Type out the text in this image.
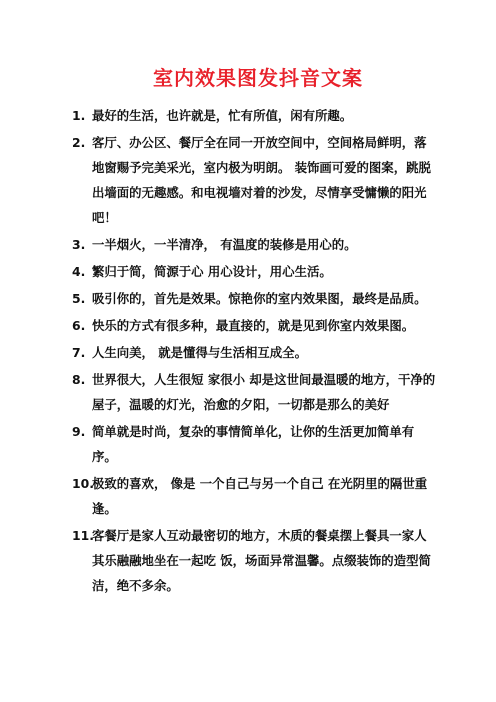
室内效果图发抖音文案
1. 最好的生活，也许就是，忙有所值，闲有所趣。
2. 客厅、办公区、餐厅全在同一开放空间中，空间格局鲜明，落地窗赐予完美采光，室内极为明朗。 装饰画可爱的图案，跳脱出墙面的无趣感。和电视墙对着的沙发，尽情享受慵懒的阳光吧！
3. 一半烟火，一半清净， 有温度的装修是用心的。
4. 繁归于简，简源于心 用心设计，用心生活。
5. 吸引你的，首先是效果。惊艳你的室内效果图，最终是品质。
6. 快乐的方式有很多种，最直接的，就是见到你室内效果图。
7. 人生向美， 就是懂得与生活相互成全。
8. 世界很大，人生很短 家很小 却是这世间最温暖的地方，干净的屋子，温暖的灯光，治愈的夕阳，一切都是那么的美好
9. 简单就是时尚，复杂的事情简单化，让你的生活更加简单有序。
10.
极致的喜欢， 像是 一个自己与另一个自己 在光阴里的隔世重逢。
11.
客餐厅是家人互动最密切的地方，木质的餐桌摆上餐具一家人其乐融融地坐在一起吃 饭，场面异常温馨。点缀装饰的造型简洁，绝不多余。
